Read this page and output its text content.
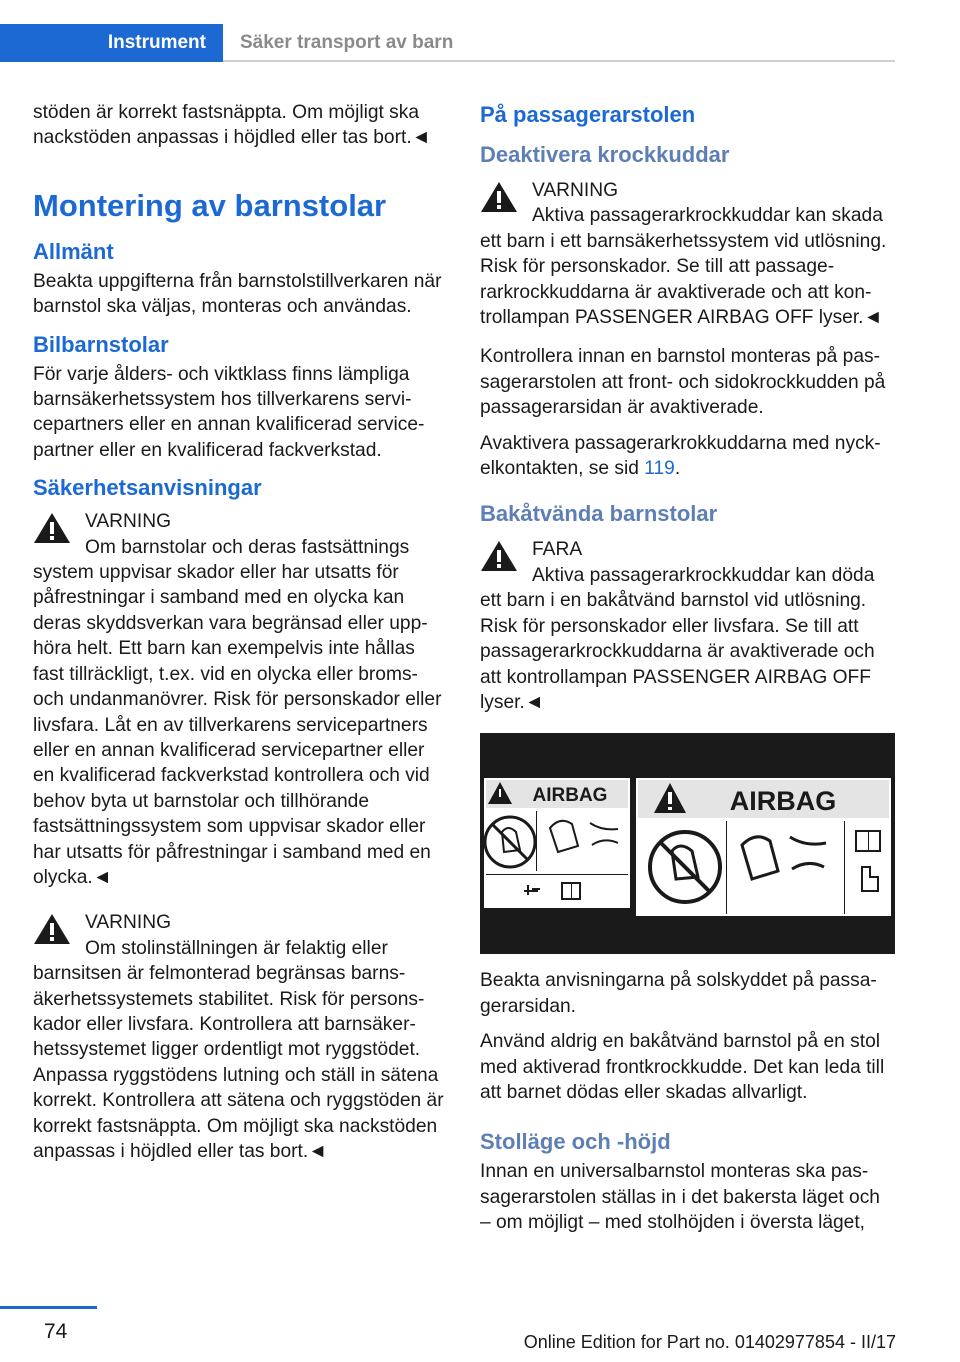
Instrument Säker transport av barn

stöden är korrekt fastsnäppta. Om möjligt ska nackstöden anpassas i höjdled eller tas bort.◄

Montering av barnstolar
Allmänt

Beakta uppgifterna från barnstolstillverkaren när barnstol ska väljas, monteras och användas.

Bilbarnstolar

För varje ålders- och viktklass finns lämpliga barnsäkerhetssystem hos tillverkarens servicepartners eller en annan kvalificerad servicepartner eller en kvalificerad fackverkstad.

Säkerhetsanvisningar

VARNING

Om barnstolar och deras fastsättnings

system uppvisar skador eller har utsatts för påfrestningar i samband med en olycka kan deras skyddsverkan vara begränsad eller upphöra helt. Ett barn kan exempelvis inte hållas fast tillräckligt, t.ex. vid en olycka eller broms- och undanmanövrer. Risk för personskador eller livsfara. Låt en av tillverkarens servicepartners eller en annan kvalificerad servicepartner eller en kvalificerad fackverkstad kontrollera och vid behov byta ut barnstolar och tillhörande fastsättningssystem som uppvisar skador eller har utsatts för påfrestningar i samband med en olycka.◄

VARNING

Om stolinställningen är felaktig eller

barnsitsen är felmonterad begränsas barnsäkerhetssystemets stabilitet. Risk för personskador eller livsfara. Kontrollera att barnsäkerhetssystemet ligger ordentligt mot ryggstödet. Anpassa ryggstödens lutning och ställ in sätena korrekt. Kontrollera att sätena och ryggstöden är korrekt fastsnäppta. Om möjligt ska nackstöden anpassas i höjdled eller tas bort.◄

På passagerarstolen
Deaktivera krockkuddar

VARNING

Aktiva passagerarkrockkuddar kan skada

ett barn i ett barnsäkerhetssystem vid utlösning. Risk för personskador. Se till att passagerarkrockkuddarna är avaktiverade och att kontrollampan PASSENGER AIRBAG OFF lyser.◄

Kontrollera innan en barnstol monteras på passagerarstolen att front- och sidokrockkudden på passagerarsidan är avaktiverade.

Avaktivera passagerarkrokkuddarna med nyckelkontakten, se sid 119.

Bakåtvända barnstolar

FARA

Aktiva passagerarkrockkuddar kan döda

ett barn i en bakåtvänd barnstol vid utlösning. Risk för personskador eller livsfara. Se till att passagerarkrockkuddarna är avaktiverade och att kontrollampan PASSENGER AIRBAG OFF lyser.◄

AIRBAG	AIRBAG

Beakta anvisningarna på solskyddet på passagerarsidan.

Använd aldrig en bakåtvänd barnstol på en stol med aktiverad frontkrockkudde. Det kan leda till att barnet dödas eller skadas allvarligt.

Stolläge och -höjd

Innan en universalbarnstol monteras ska passagerarstolen ställas in i det bakersta läget och – om möjligt – med stolhöjden i översta läget,

74	Online Edition for Part no. 01402977854 - II/17
